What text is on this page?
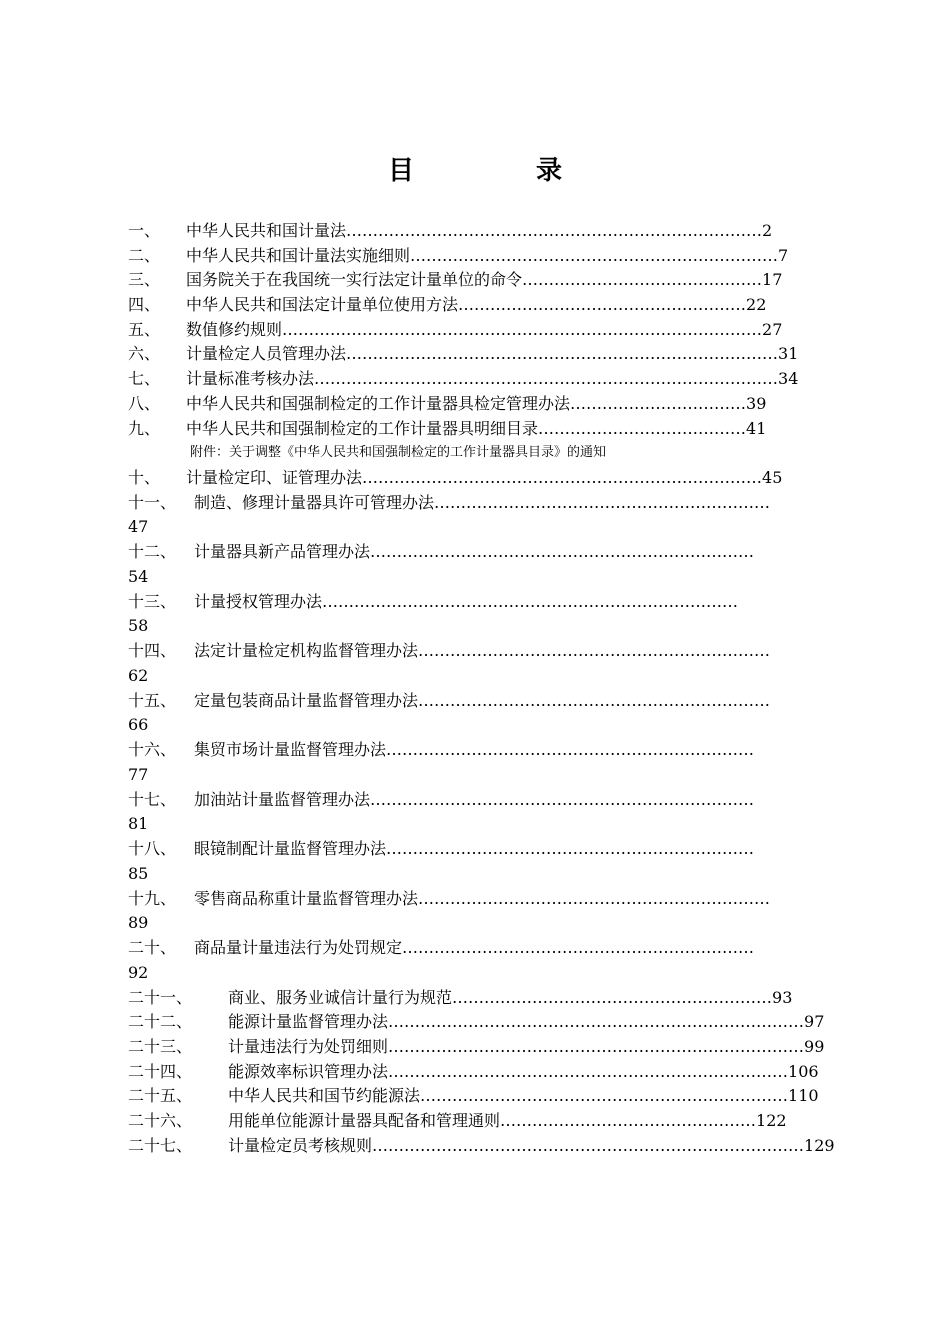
目　录
一、 中华人民共和国计量法……………………………………………………………………2
二、 中华人民共和国计量法实施细则……………………………………………………………7
三、 国务院关于在我国统一实行法定计量单位的命令………………………………………17
四、 中华人民共和国法定计量单位使用方法………………………………………………22
五、 数值修约规则………………………………………………………………………………27
六、 计量检定人员管理办法………………………………………………………………………31
七、 计量标准考核办法……………………………………………………………………………34
八、 中华人民共和国强制检定的工作计量器具检定管理办法……………………………39
九、 中华人民共和国强制检定的工作计量器具明细目录…………………………………41
附件：关于调整《中华人民共和国强制检定的工作计量器具目录》的通知
十、 计量检定印、证管理办法…………………………………………………………………45
十一、 制造、修理计量器具许可管理办法………………………………………………………
47
十二、 计量器具新产品管理办法………………………………………………………………
54
十三、 计量授权管理办法……………………………………………………………………
58
十四、 法定计量检定机构监督管理办法…………………………………………………………
62
十五、 定量包装商品计量监督管理办法…………………………………………………………
66
十六、 集贸市场计量监督管理办法……………………………………………………………
77
十七、 加油站计量监督管理办法………………………………………………………………
81
十八、 眼镜制配计量监督管理办法……………………………………………………………
85
十九、 零售商品称重计量监督管理办法…………………………………………………………
89
二十、 商品量计量违法行为处罚规定…………………………………………………………
92
二十一、 商业、服务业诚信计量行为规范……………………………………………………93
二十二、 能源计量监督管理办法……………………………………………………………………97
二十三、 计量违法行为处罚细则……………………………………………………………………99
二十四、 能源效率标识管理办法…………………………………………………………………106
二十五、 中华人民共和国节约能源法……………………………………………………………110
二十六、 用能单位能源计量器具配备和管理通则…………………………………………122
二十七、 计量检定员考核规则………………………………………………………………………129
